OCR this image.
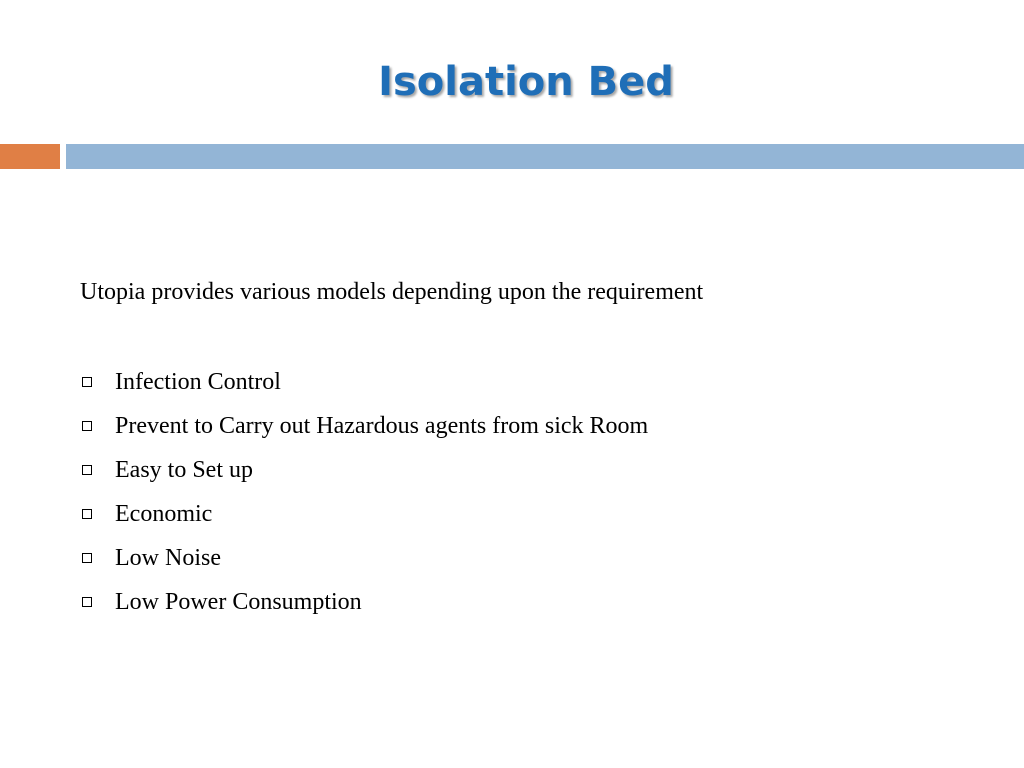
Isolation Bed

Utopia provides various models depending upon the requirement

Infection Control
Prevent to Carry out Hazardous agents from sick Room
Easy to Set up
Economic
Low Noise
Low Power Consumption
